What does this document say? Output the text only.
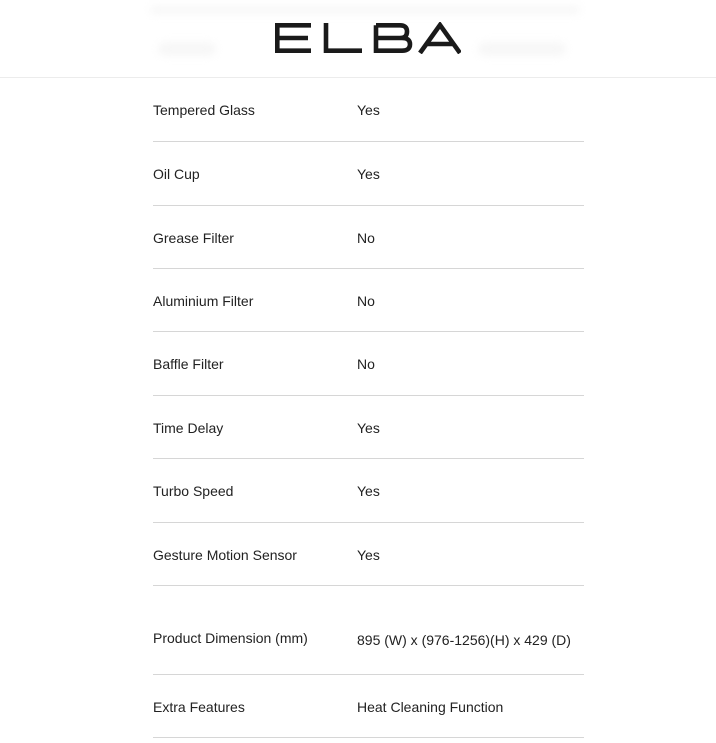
Tempered Glass	Yes
Oil Cup	Yes
Grease Filter	No
Aluminium Filter	No
Baffle Filter	No
Time Delay	Yes
Turbo Speed	Yes
Gesture Motion Sensor	Yes
Product Dimension (mm)	895 (W) x (976-1256)(H) x 429 (D)
Extra Features	Heat Cleaning Function
